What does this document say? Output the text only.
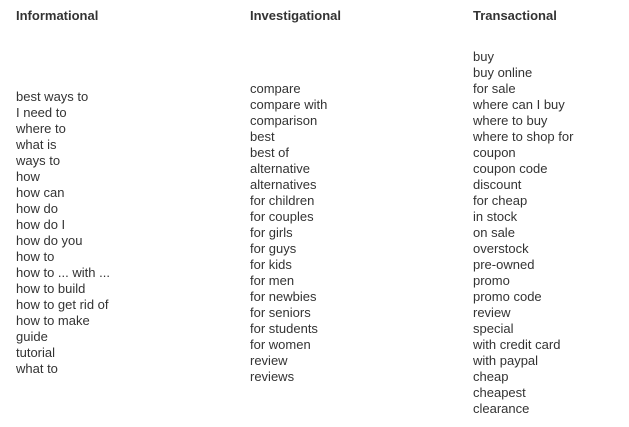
Informational
best ways to
I need to
where to
what is
ways to
how
how can
how do
how do I
how do you
how to
how to ... with ...
how to build
how to get rid of
how to make
guide
tutorial
what to
Investigational
compare
compare with
comparison
best
best of
alternative
alternatives
for children
for couples
for girls
for guys
for kids
for men
for newbies
for seniors
for students
for women
review
reviews
Transactional
buy
buy online
for sale
where can I buy
where to buy
where to shop for
coupon
coupon code
discount
for cheap
in stock
on sale
overstock
pre-owned
promo
promo code
review
special
with credit card
with paypal
cheap
cheapest
clearance
